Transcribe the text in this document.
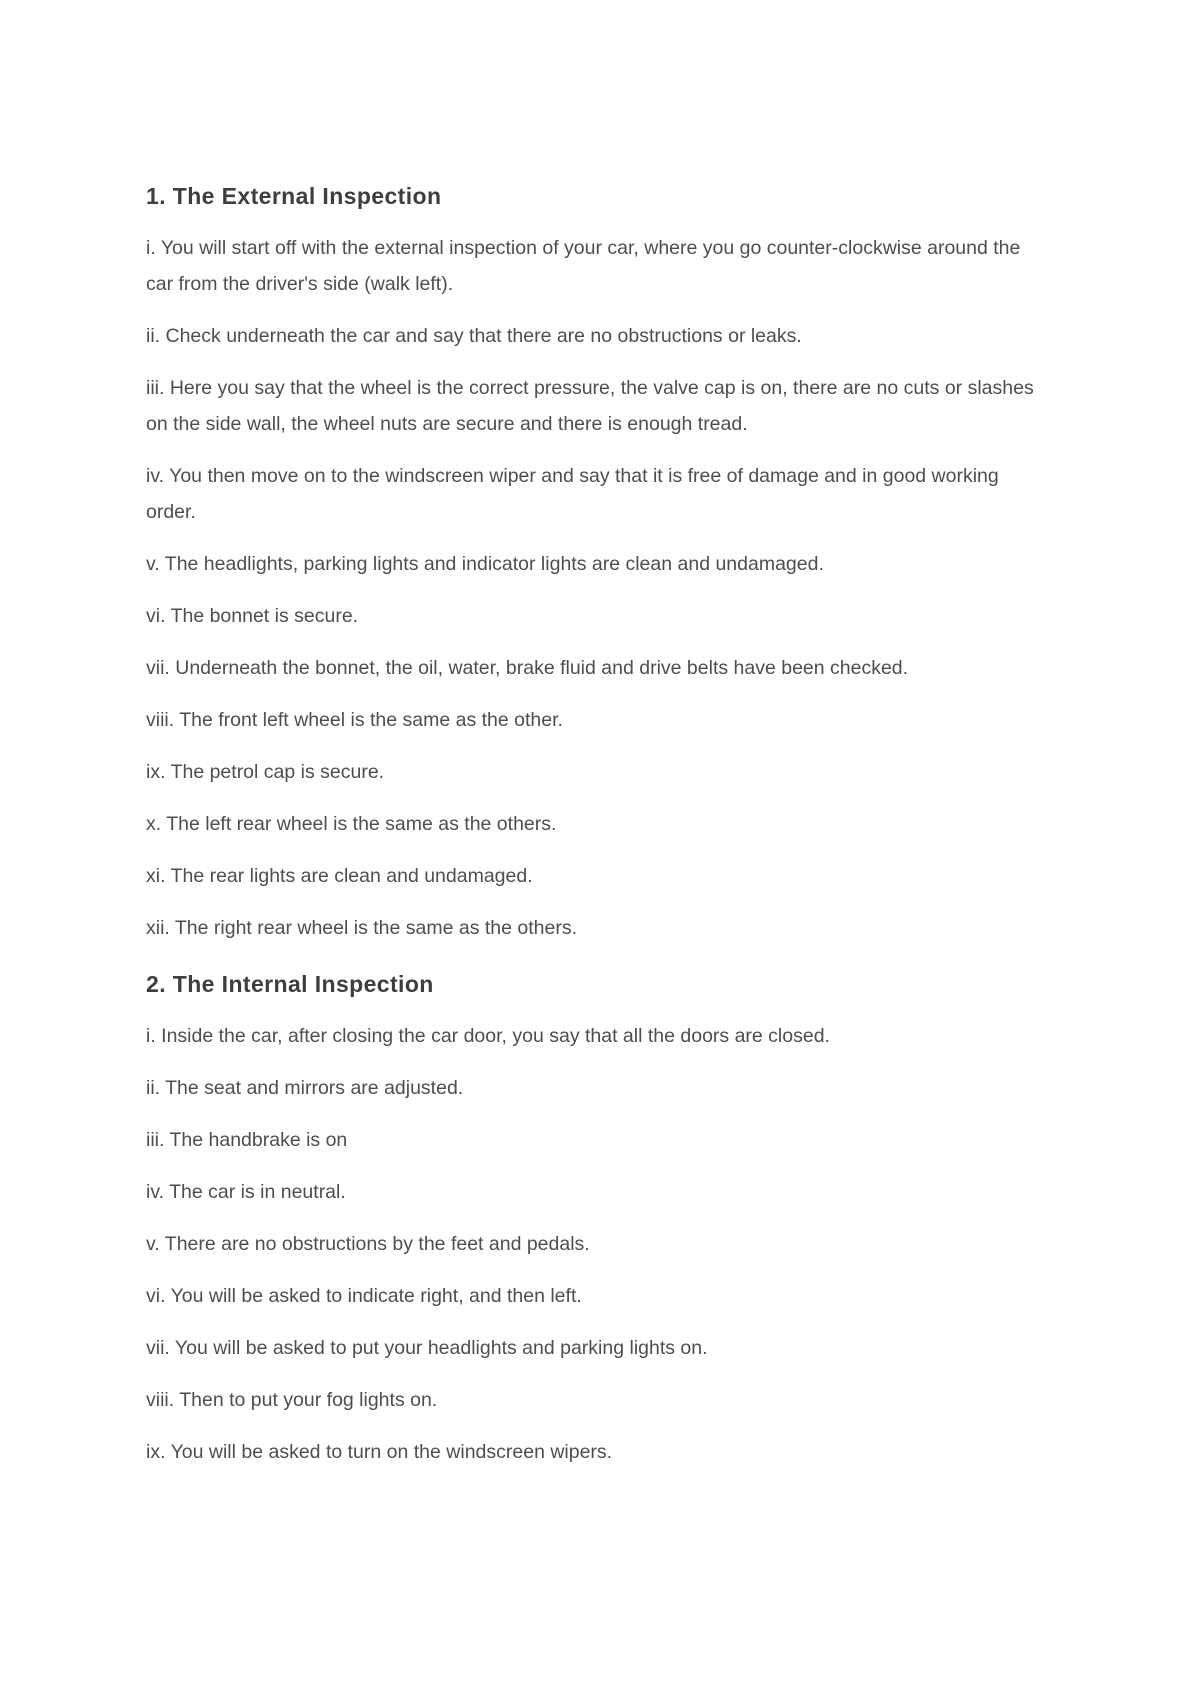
1. The External Inspection
i. You will start off with the external inspection of your car, where you go counter-clockwise around the car from the driver's side (walk left).
ii. Check underneath the car and say that there are no obstructions or leaks.
iii. Here you say that the wheel is the correct pressure, the valve cap is on, there are no cuts or slashes on the side wall, the wheel nuts are secure and there is enough tread.
iv. You then move on to the windscreen wiper and say that it is free of damage and in good working order.
v. The headlights, parking lights and indicator lights are clean and undamaged.
vi. The bonnet is secure.
vii. Underneath the bonnet, the oil, water, brake fluid and drive belts have been checked.
viii. The front left wheel is the same as the other.
ix. The petrol cap is secure.
x. The left rear wheel is the same as the others.
xi. The rear lights are clean and undamaged.
xii. The right rear wheel is the same as the others.
2. The Internal Inspection
i. Inside the car, after closing the car door, you say that all the doors are closed.
ii. The seat and mirrors are adjusted.
iii. The handbrake is on
iv. The car is in neutral.
v. There are no obstructions by the feet and pedals.
vi. You will be asked to indicate right, and then left.
vii. You will be asked to put your headlights and parking lights on.
viii. Then to put your fog lights on.
ix. You will be asked to turn on the windscreen wipers.
